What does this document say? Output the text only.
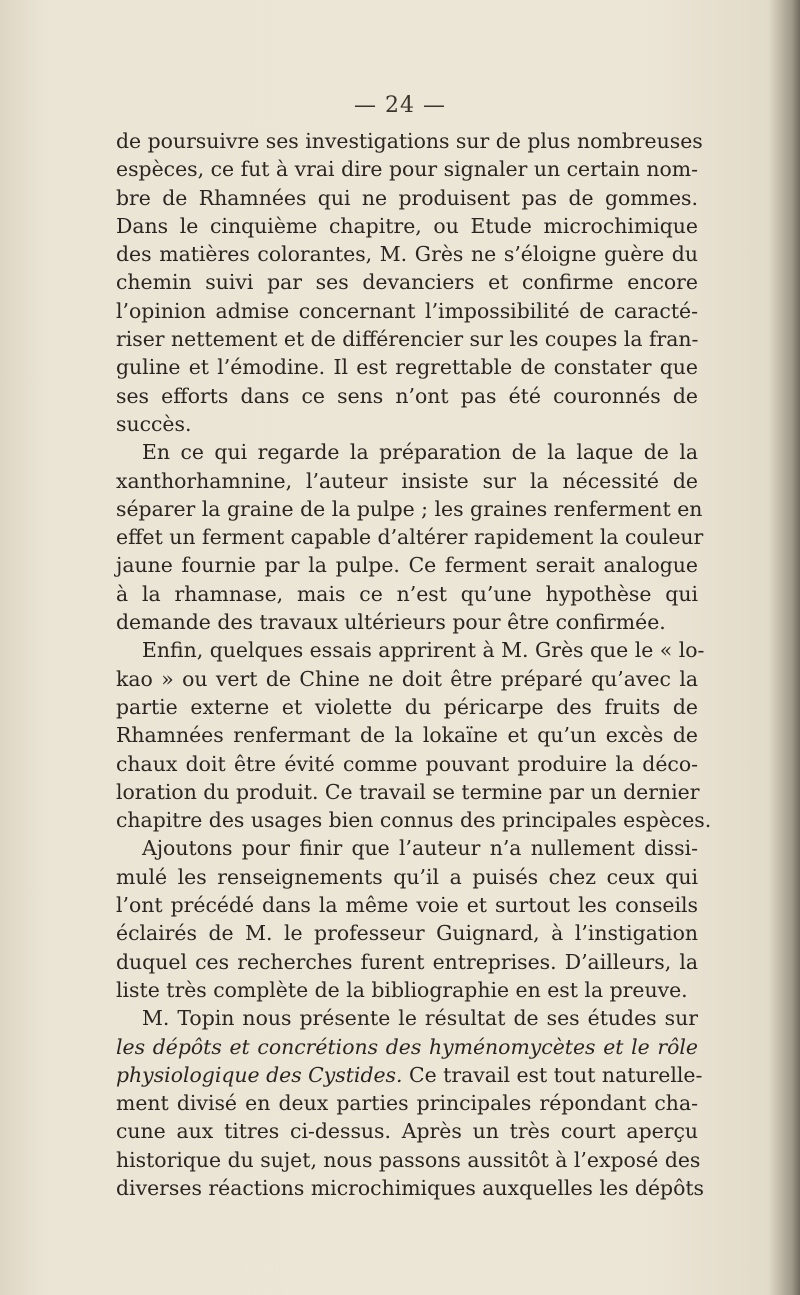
— 24 —
de poursuivre ses investigations sur de plus nombreuses
espèces, ce fut à vrai dire pour signaler un certain nom-
bre de Rhamnées qui ne produisent pas de gommes.
Dans le cinquième chapitre, ou Etude microchimique
des matières colorantes, M. Grès ne s’éloigne guère du
chemin suivi par ses devanciers et confirme encore
l’opinion admise concernant l’impossibilité de caracté-
riser nettement et de différencier sur les coupes la fran-
guline et l’émodine. Il est regrettable de constater que
ses efforts dans ce sens n’ont pas été couronnés de
succès.
En ce qui regarde la préparation de la laque de la
xanthorhamnine, l’auteur insiste sur la nécessité de
séparer la graine de la pulpe ; les graines renferment en
effet un ferment capable d’altérer rapidement la couleur
jaune fournie par la pulpe. Ce ferment serait analogue
à la rhamnase, mais ce n’est qu’une hypothèse qui
demande des travaux ultérieurs pour être confirmée.
Enfin, quelques essais apprirent à M. Grès que le « lo-
kao » ou vert de Chine ne doit être préparé qu’avec la
partie externe et violette du péricarpe des fruits de
Rhamnées renfermant de la lokaïne et qu’un excès de
chaux doit être évité comme pouvant produire la déco-
loration du produit. Ce travail se termine par un dernier
chapitre des usages bien connus des principales espèces.
Ajoutons pour finir que l’auteur n’a nullement dissi-
mulé les renseignements qu’il a puisés chez ceux qui
l’ont précédé dans la même voie et surtout les conseils
éclairés de M. le professeur Guignard, à l’instigation
duquel ces recherches furent entreprises. D’ailleurs, la
liste très complète de la bibliographie en est la preuve.
M. Topin nous présente le résultat de ses études sur
les dépôts et concrétions des hyménomycètes et le rôle
physiologique des Cystides. Ce travail est tout naturelle-
ment divisé en deux parties principales répondant cha-
cune aux titres ci-dessus. Après un très court aperçu
historique du sujet, nous passons aussitôt à l’exposé des
diverses réactions microchimiques auxquelles les dépôts
